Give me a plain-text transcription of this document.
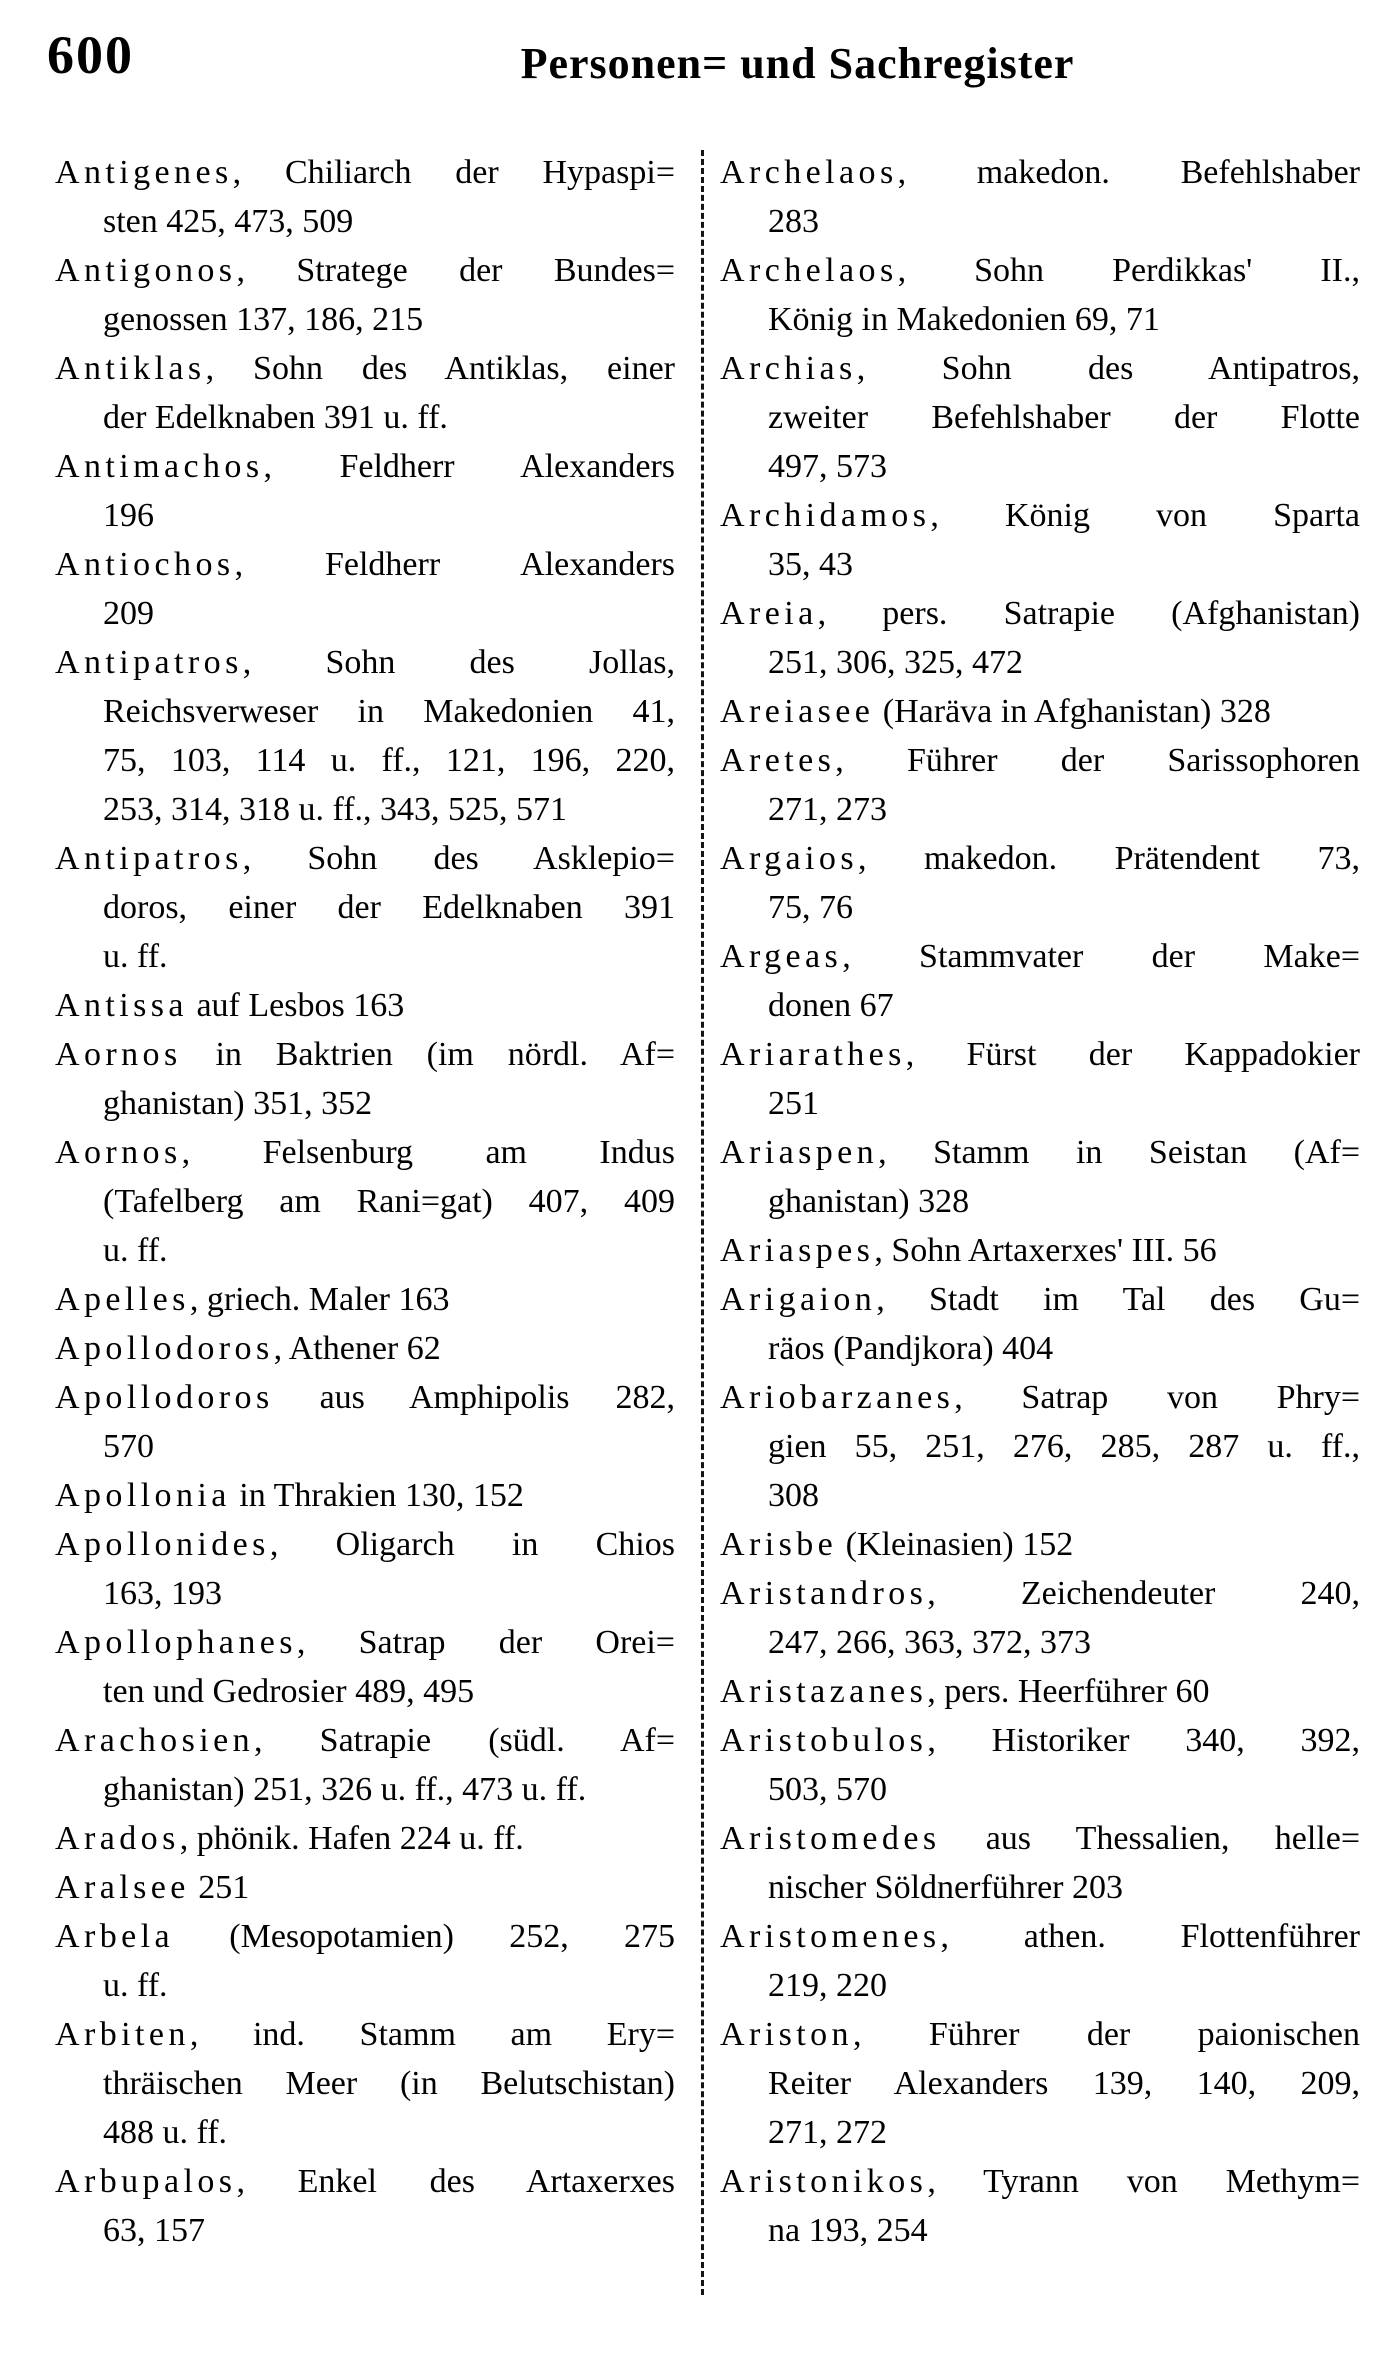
600	Personen= und Sachregister
Antigenes, Chiliarch der Hypaspi=
sten 425, 473, 509
Antigonos, Stratege der Bundes=
genossen 137, 186, 215
Antiklas, Sohn des Antiklas, einer
der Edelknaben 391 u. ff.
Antimachos, Feldherr Alexanders
196
Antiochos, Feldherr Alexanders
209
Antipatros, Sohn des Jollas,
Reichsverweser in Makedonien 41,
75, 103, 114 u. ff., 121, 196, 220,
253, 314, 318 u. ff., 343, 525, 571
Antipatros, Sohn des Asklepio=
doros, einer der Edelknaben 391
u. ff.
Antissa auf Lesbos 163
Aornos in Baktrien (im nördl. Af=
ghanistan) 351, 352
Aornos, Felsenburg am Indus
(Tafelberg am Rani=gat) 407, 409
u. ff.
Apelles, griech. Maler 163
Apollodoros, Athener 62
Apollodoros aus Amphipolis 282,
570
Apollonia in Thrakien 130, 152
Apollonides, Oligarch in Chios
163, 193
Apollophanes, Satrap der Orei=
ten und Gedrosier 489, 495
Arachosien, Satrapie (südl. Af=
ghanistan) 251, 326 u. ff., 473 u. ff.
Arados, phönik. Hafen 224 u. ff.
Aralsee 251
Arbela (Mesopotamien) 252, 275
u. ff.
Arbiten, ind. Stamm am Ery=
thräischen Meer (in Belutschistan)
488 u. ff.
Arbupalos, Enkel des Artaxerxes
63, 157
Archelaos, makedon. Befehlshaber
283
Archelaos, Sohn Perdikkas' II.,
König in Makedonien 69, 71
Archias, Sohn des Antipatros,
zweiter Befehlshaber der Flotte
497, 573
Archidamos, König von Sparta
35, 43
Areia, pers. Satrapie (Afghanistan)
251, 306, 325, 472
Areiasee (Haräva in Afghanistan) 328
Aretes, Führer der Sarissophoren
271, 273
Argaios, makedon. Prätendent 73,
75, 76
Argeas, Stammvater der Make=
donen 67
Ariarathes, Fürst der Kappadokier
251
Ariaspen, Stamm in Seistan (Af=
ghanistan) 328
Ariaspes, Sohn Artaxerxes' III. 56
Arigaion, Stadt im Tal des Gu=
räos (Pandjkora) 404
Ariobarzanes, Satrap von Phry=
gien 55, 251, 276, 285, 287 u. ff.,
308
Arisbe (Kleinasien) 152
Aristandros, Zeichendeuter 240,
247, 266, 363, 372, 373
Aristazanes, pers. Heerführer 60
Aristobulos, Historiker 340, 392,
503, 570
Aristomedes aus Thessalien, helle=
nischer Söldnerführer 203
Aristomenes, athen. Flottenführer
219, 220
Ariston, Führer der paionischen
Reiter Alexanders 139, 140, 209,
271, 272
Aristonikos, Tyrann von Methym=
na 193, 254
